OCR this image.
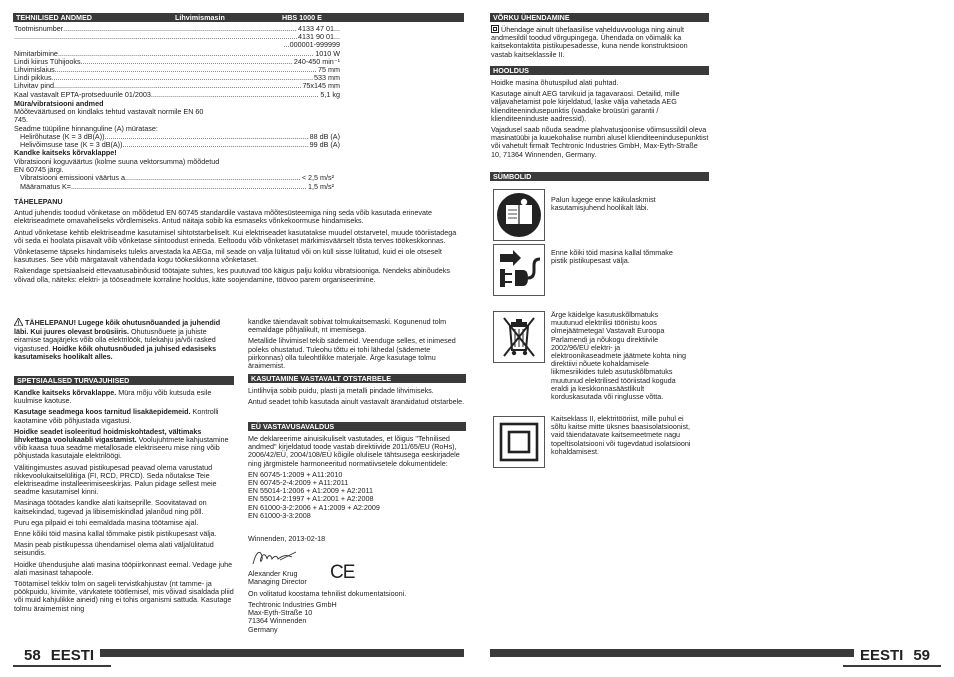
TEHNILISED ANDMED	Lihvimismasin	HBS 1000 E
Tootmisnumber .....	4133 47 01...
.....
4131 90 01...
...000001-999999
Nimitarbimine .....	1010 W
Lindi kiirus Tühijooks .....	240-450 min⁻¹
Lihvimislaius .....	75 mm
Lindi pikkus .....	533 mm
Lihvitav pind .....	75x145 mm
Kaal vastavalt EPTA-protseduurile 01/2003 .....	5,1 kg
Müra/vibratsiooni andmed
Mõõteväärtused on kindlaks tehtud vastavalt normile EN 60 745.
Seadme tüüpiline hinnanguline (A) müratase:
Helirõhutase (K = 3 dB(A)) .....	88 dB (A)
Helivõimsuse tase (K = 3 dB(A)) .....	99 dB (A)
Kandke kaitseks kõrvaklappe!
Vibratsiooni koguväärtus (kolme suuna vektorsumma) mõõdetud EN 60745 järgi.
Vibratsiooni emissiooni väärtus a .....	< 2,5 m/s²
Määramatus K= .....	1,5 m/s²
TÄHELEPANU

Antud juhendis toodud võnketase on mõõdetud EN 60745 standardile vastava mõõtesüsteemiga ning seda võib kasutada erinevate elektriseadmete omavaheliseks võrdlemiseks. Antud näitaja sobib ka esmaseks võnkekoormuse hindamiseks.

Antud võnketase kehtib elektriseadme kasutamisel sihtotstarbeliselt. Kui elektriseadet kasutatakse muudel otstarvetel, muude tööriistadega või seda ei hoolata piisavalt võib võnketase siintoodust erineda. Eeltoodu võib võnketaset märkimisväärselt tõsta terves töökeskkonnas.

Võnketaseme täpseks hindamiseks tuleks arvestada ka AEGa, mil seade on välja lülitatud või on küll sisse lülitatud, kuid ei ole otseselt kasutuses. See võib märgatavalt vähendada kogu töökeskkonna võnketaset.

Rakendage spetsiaalseid ettevaatusabinõusid töötajate suhtes, kes puutuvad töö käigus palju kokku vibratsiooniga. Nendeks abinõudeks võivad olla, näiteks: elektri- ja tööseadmete korraline hooldus, käte soojendamine, töövoo parem organiseerimine.

TÄHELEPANU! Lugege kõik ohutusnõuanded ja juhendid läbi. Kui juures olevast broüsiiris. Ohutusnõuete ja juhiste eiramise tagajärjeks võib olla elektrilöök, tulekahju ja/või rasked vigastused. Hoidke kõik ohutusnõuded ja juhised edasiseks kasutamiseks hoolikalt alles.
SPETSIAALSED TURVAJUHISED

Kandke kaitseks kõrvaklappe. Müra mõju võib kutsuda esile kuulmise kaotuse.

Kasutage seadmega koos tarnitud lisakäepidemeid. Kontrolli kaotamine võib põhjustada vigastusi.

Hoidke seadet isoleeritud hoidmiskohtadest, vältimaks lihvkettaga voolukaabli vigastamist. Voolujuhtmete kahjustamine võib kaasa tuua seadme metallosade elektriseeru mise ning võib põhjustada kasutajale elektrilöögi.

Välitingimustes asuvad pistikupesad peavad olema varustatud rikkevoolukaitselülitiga (FI, RCD, PRCD). Seda nõutakse Teie elektriseadme installeerimiseeskirjas. Palun pidage sellest meie seadme kasutamisel kinni.

Masinaga töötades kandke alati kaitseprille. Soovitatavad on kaitsekindad, tugevad ja libisemiskindlad jalanõud ning põll.

Puru ega pilpaid ei tohi eemaldada masina töötamise ajal.

Enne kõiki töid masina kallal tõmmake pistik pistikupesast välja.

Masin peab pistikupessa ühendamisel olema alati väljalülitatud seisundis.

Hoidke ühendusjuhe alati masina tööpiirkonnast eemal. Vedage juhe alati masinast tahapoole.

Töötamisel tekkiv tolm on sageli tervistkahjustav (nt tamme- ja pöökpuidu, kivimite, värvkatete töötlemisel, mis võivad sisaldada pliid või muid kahjulikke aineid) ning ei tohis organismi sattuda. Kasutage tolmu äraimemist ning

kandke täiendavalt sobivat tolmukaitsemaski. Kogunenud tolm eemaldage põhjalikult, nt imemisega.

Metallide lihvimisel tekib sädemeid. Veenduge selles, et inimesed poleks ohustatud. Tuleohu tõttu ei tohi lähedal (sädemete piirkonnas) olla tuleohtlikke materjale. Ärge kasutage tolmu äraimemist.

KASUTAMINE VASTAVALT OTSTARBELE

Lintlihvija sobib puidu, plasti ja metalli pindade lihvimiseks.

Antud seadet tohib kasutada ainult vastavalt äranäidatud otstarbele.

EÜ VASTAVUSAVALDUS

Me deklareerime ainuisikuliselt vastutades, et lõigus "Tehnilised andmed" kirjeldatud toode vastab direktiivide 2011/65/EU (RoHs), 2006/42/EÜ, 2004/108/EÜ kõigile olulisele tähtsusega eeskirjadele ning järgmistele harmoneeritud normatiivsetele dokumentidele:

EN 60745-1:2009 + A11:2010
EN 60745-2-4:2009 + A11:2011
EN 55014-1:2006 + A1:2009 + A2:2011
EN 55014-2:1997 + A1:2001 + A2:2008
EN 61000-3-2:2006 + A1:2009 + A2:2009
EN 61000-3-3:2008
Winnenden, 2013-02-18
Alexander Krug
Managing Director CE
On volitatud koostama tehnilist dokumentatsiooni.
Techtronic Industries GmbH
Max-Eyth-Straße 10
71364 Winnenden
Germany
58 EESTI
VÕRKU ÜHENDAMINE
Ühendage ainult ühefaasilise vahelduvvooluga ning ainult andmesildil toodud võrgupingega. Ühendada on võimalik ka kaitsekontaktita pistikupesadesse, kuna nende konstruktsioon vastab kaitseklassile II.
HOOLDUS

Hoidke masina õhutuspilud alati puhtad.

Kasutage ainult AEG tarvikuid ja tagavaraosi. Detailid, mille väljavahetamist pole kirjeldatud, laske välja vahetada AEG klienditeenindusepunktis (vaadake broüsüri garantii / klienditeeninduste aadressid).

Vajadusel saab nõuda seadme plahvatusjoonise võimsussildil oleva masinatüübi ja kuuekohalise numbri alusel klienditeenindusepunktist või vahetult firmalt Techtronic Industries GmbH, Max-Eyth-Straße 10, 71364 Winnenden, Germany.

SÜMBOLID
Palun lugege enne käikulaskmist kasutamisjuhend hoolikalt läbi.
Enne kõiki töid masina kallal tõmmake pistik pistikupesast välja.
Ärge käidelge kasutuskõlbmatuks muutunud elektrilisi tööriistu koos olmejäätmetega! Vastavalt Euroopa Parlamendi ja nõukogu direktiivile 2002/96/EÜ elektri- ja elektroonikaseadmete jäätmete kohta ning direktiivi nõuete kohaldamisele liikmesriikides tuleb asutuskõlbmatuks muutunud elektrilised tööriistad koguda eraldi ja keskkonnasäästlikult korduskasutada või ringlusse võtta.
Kaitseklass II, elektritööriist, mille puhul ei sõltu kaitse mitte üksnes baasisolatsioonist, vaid täiendatavate kaitsemeetmete nagu topeltisolatsiooni või tugevdatud isolatsiooni kohaldamisest.
EESTI 59
